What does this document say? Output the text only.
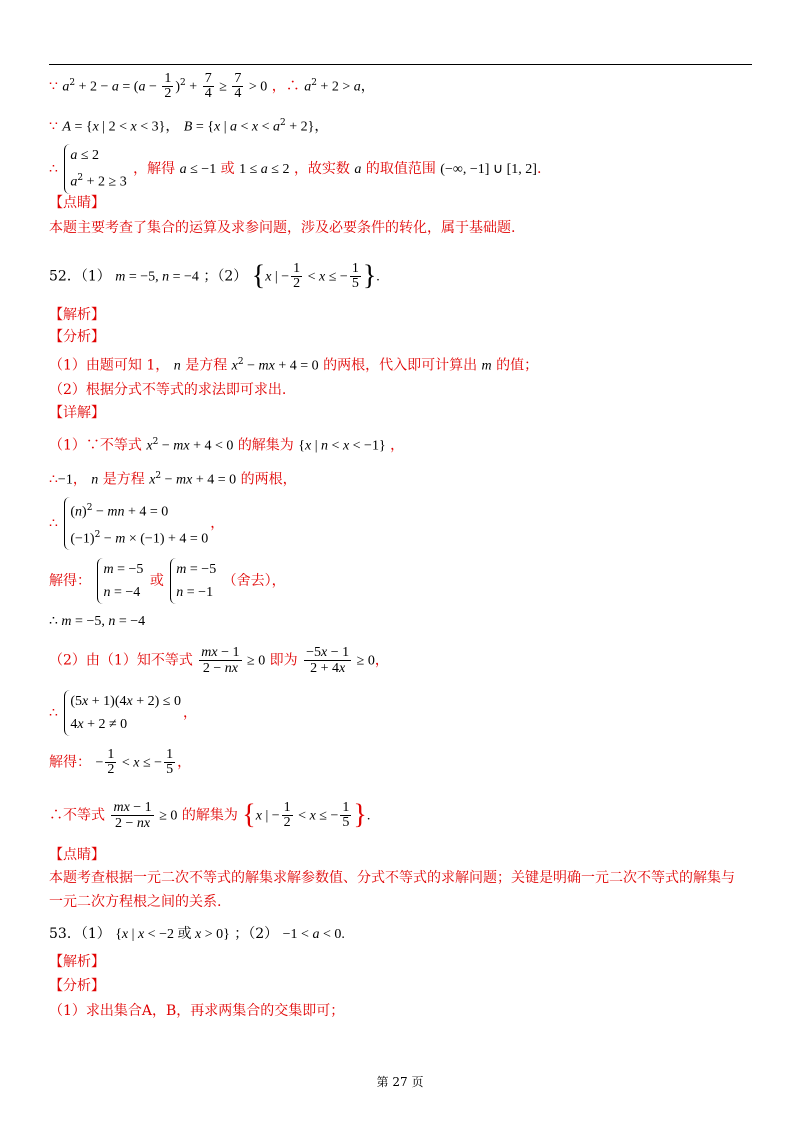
∵ $a^2 + 2 - a = (a - \frac{1}{2} )^2 + \frac{7}{4} \ge \frac{7}{4} > 0$ ，∴ $a^2 + 2 > a$，
∵ A = {x | 2 < x < 3}， B = {x | $a < x < a^2 + 2$}，
∴
a ≤ 2
$a^2 + 2 \ge 3$
，解得 a ≤ −1 或 1 ≤ a ≤ 2 ，故实数 a 的取值范围 (−∞, −1] ∪ [1, 2].
【点睛】
本题主要考查了集合的运算及求参问题，涉及必要条件的转化，属于基础题.
52．（1） m = −5, n = −4 ；（2） {x | − $\frac{1}{2} < x$ ≤ − $\frac{1}{5}$ }.
【解析】
【分析】
（1）由题可知 1， n 是方程 $x^2$ − mx + 4 = 0 的两根，代入即可计算出 m 的值；
（2）根据分式不等式的求法即可求出.
【详解】
（1）∵不等式 $x^2$ − mx + 4 < 0 的解集为 {x | n < x < −1} ，
∴−1， n 是方程 $x^2$ − mx + 4 = 0 的两根，
∴
$(n)^2$ − mn + 4 = 0
$(-1)^2 - m \times (-1) + 4 = 0$
，
解得：
m = −5
n = −4
或
m = −5
n = −1
（舍去），
∴ m = −5, n = −4
（2）由（1）知不等式 $\frac{mx - 1}{2 - nx} \ge 0$ 即为 $\frac{-5x - 1}{2 + 4x} \ge 0$，
∴
(5x + 1)(4x + 2) ≤ 0
4x + 2 ≠ 0
，
解得： − $\frac{1}{2} < x$ ≤ − $\frac{1}{5}$ ，
∴不等式 $\frac{mx - 1}{2 - nx} \ge 0$ 的解集为 {x | − $\frac{1}{2} < x$ ≤ − $\frac{1}{5}$ }.
【点睛】
本题考查根据一元二次不等式的解集求解参数值、分式不等式的求解问题；关键是明确一元二次不等式的解集与
一元二次方程根之间的关系.
53．（1） {x | x < −2 或 x > 0} ；（2） −1 < a < 0.
【解析】
【分析】
（1）求出集合A，B，再求两集合的交集即可；
第 27 页
